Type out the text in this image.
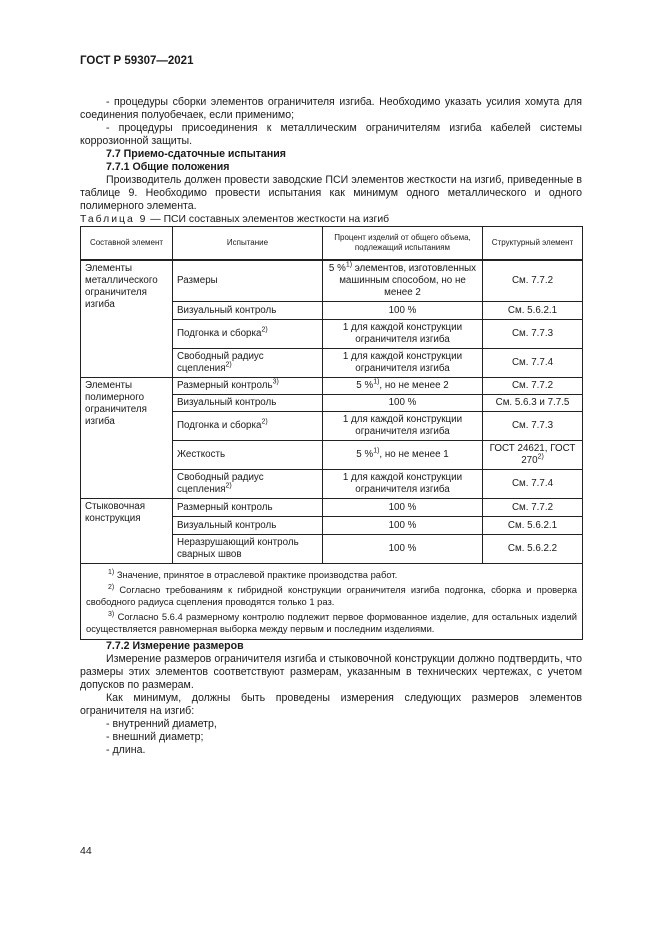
ГОСТ Р 59307—2021

- процедуры сборки элементов ограничителя изгиба. Необходимо указать усилия хомута для соединения полуобечаек, если применимо;

- процедуры присоединения к металлическим ограничителям изгиба кабелей системы коррозионной защиты.

7.7 Приемо-сдаточные испытания

7.7.1 Общие положения

Производитель должен провести заводские ПСИ элементов жесткости на изгиб, приведенные в таблице 9. Необходимо провести испытания как минимум одного металлического и одного полимерного элемента.

Таблица 9 — ПСИ составных элементов жесткости на изгиб

Составной элемент	Испытание	Процент изделий от общего объема, подлежащий испытаниям	Структурный элемент
Элементы металлического ограничителя изгиба	Размеры	5 %$^{1)}$ элементов, изготовленных машинным способом, но не менее 2	См. 7.7.2
	Визуальный контроль	100 %	См. 5.6.2.1
	Подгонка и сборка$^{2)}$	1 для каждой конструкции ограничителя изгиба	См. 7.7.3
	Свободный радиус сцепления$^{2)}$	1 для каждой конструкции ограничителя изгиба	См. 7.7.4
Элементы полимерного ограничителя изгиба	Размерный контроль$^{3)}$	5 %$^{1)}$, но не менее 2	См. 7.7.2
	Визуальный контроль	100 %	См. 5.6.3 и 7.7.5
	Подгонка и сборка$^{2)}$	1 для каждой конструкции ограничителя изгиба	См. 7.7.3
	Жесткость	5 %$^{1)}$, но не менее 1	ГОСТ 24621, ГОСТ 270$^{2)}$
	Свободный радиус сцепления$^{2)}$	1 для каждой конструкции ограничителя изгиба	См. 7.7.4
Стыковочная конструкция	Размерный контроль	100 %	См. 7.7.2
	Визуальный контроль	100 %	См. 5.6.2.1
	Неразрушающий контроль сварных швов	100 %	См. 5.6.2.2

$^{1)}$ Значение, принятое в отраслевой практике производства работ.
$^{2)}$ Согласно требованиям к гибридной конструкции ограничителя изгиба подгонка, сборка и проверка свободного радиуса сцепления проводятся только 1 раз.
$^{3)}$ Согласно 5.6.4 размерному контролю подлежит первое формованное изделие, для остальных изделий осуществляется равномерная выборка между первым и последним изделиями.			

7.7.2 Измерение размеров

Измерение размеров ограничителя изгиба и стыковочной конструкции должно подтвердить, что размеры этих элементов соответствуют размерам, указанным в технических чертежах, с учетом допусков по размерам.

Как минимум, должны быть проведены измерения следующих размеров элементов ограничителя на изгиб:

- внутренний диаметр,

- внешний диаметр;

- длина.

44
